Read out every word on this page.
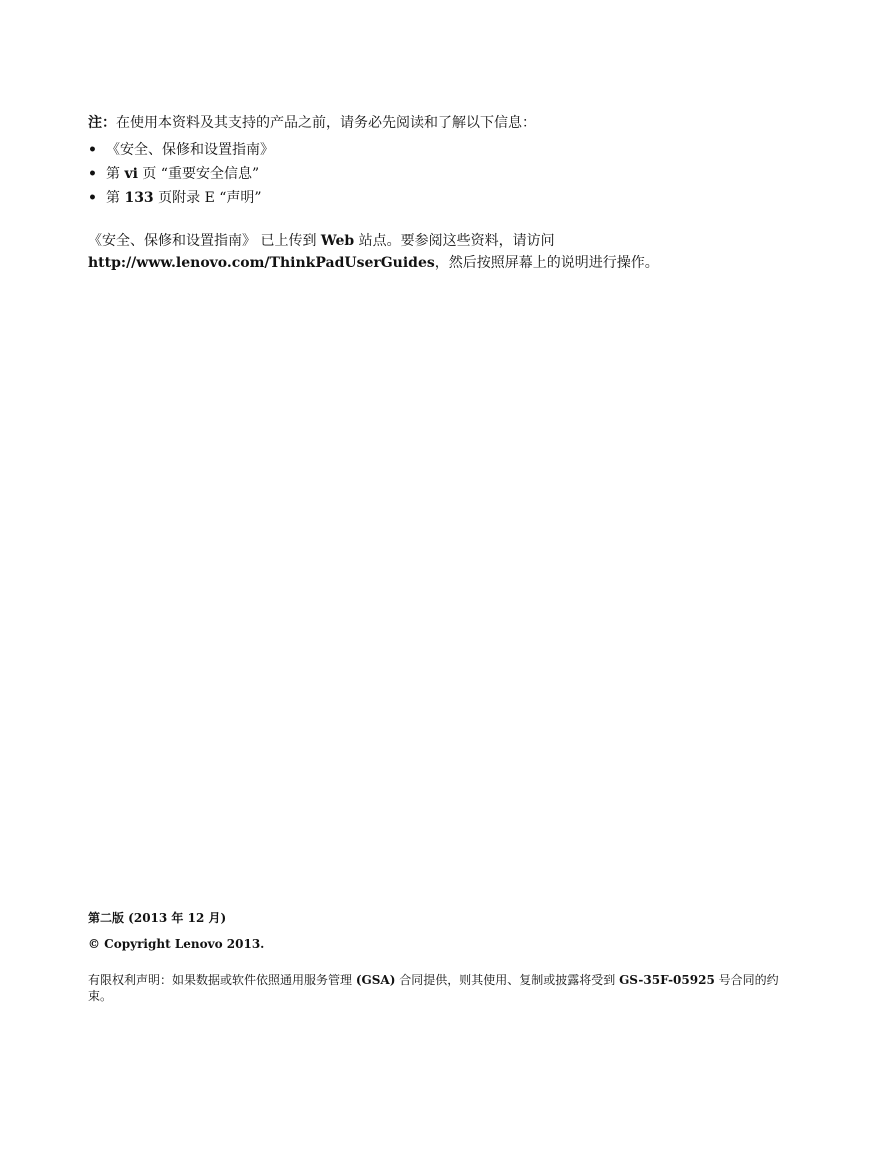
注：在使用本资料及其支持的产品之前，请务必先阅读和了解以下信息：
• 《安全、保修和设置指南》
• 第 vi 页 “重要安全信息”
• 第 133 页附录 E “声明”
《安全、保修和设置指南》 已上传到 Web 站点。要参阅这些资料，请访问
http://www.lenovo.com/ThinkPadUserGuides，然后按照屏幕上的说明进行操作。
第二版 (2013 年 12 月)
© Copyright Lenovo 2013.
有限权利声明：如果数据或软件依照通用服务管理 (GSA) 合同提供，则其使用、复制或披露将受到 GS-35F-05925 号合同的约束。
